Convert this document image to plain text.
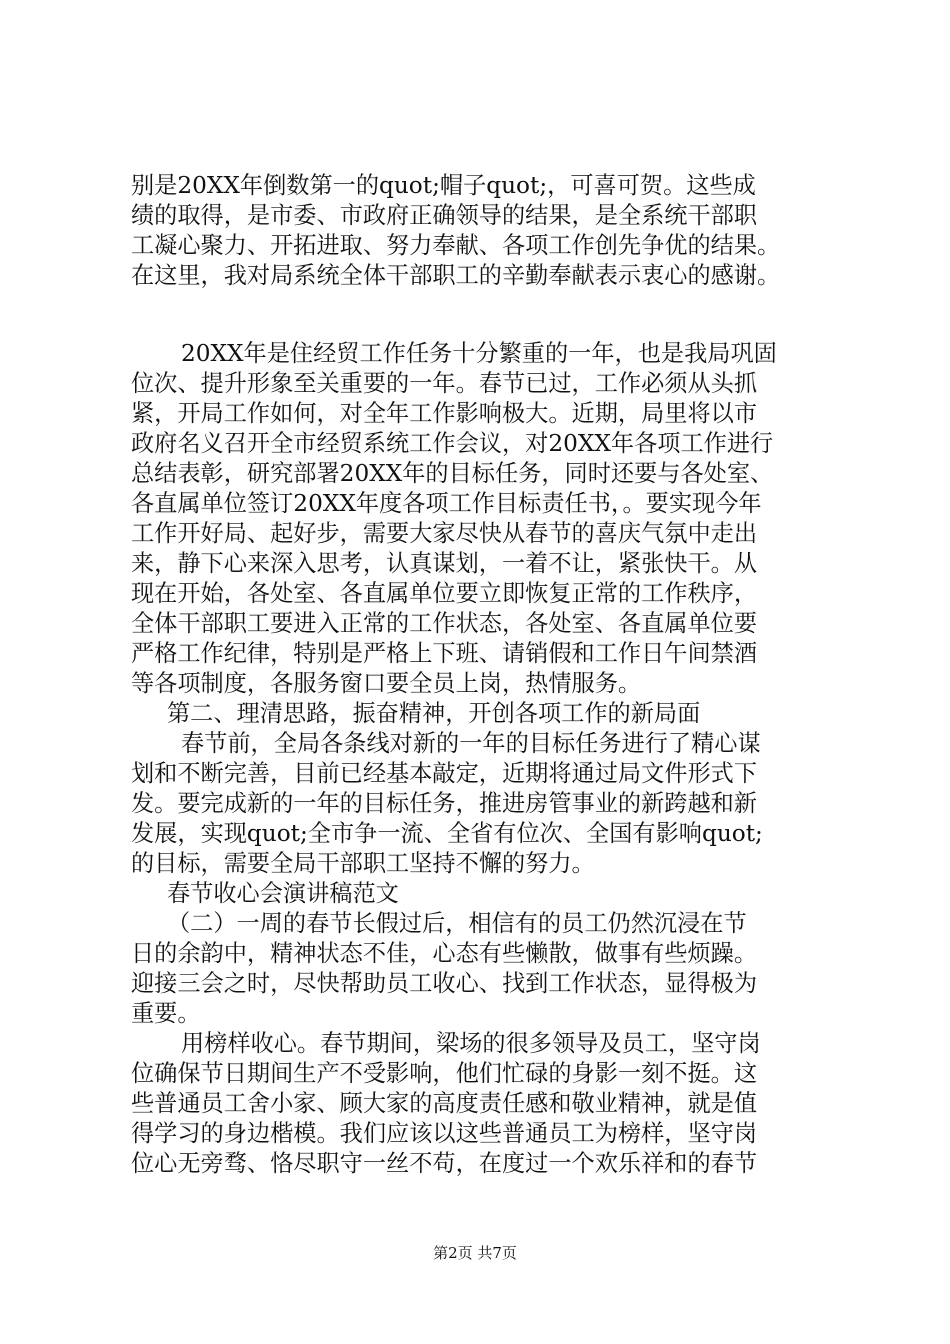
别是20XX年倒数第一的quot;帽子quot;，可喜可贺。这些成
绩的取得，是市委、市政府正确领导的结果，是全系统干部职
工凝心聚力、开拓进取、努力奉献、各项工作创先争优的结果。
在这里，我对局系统全体干部职工的辛勤奉献表示衷心的感谢。
20XX年是住经贸工作任务十分繁重的一年，也是我局巩固
位次、提升形象至关重要的一年。春节已过，工作必须从头抓
紧，开局工作如何，对全年工作影响极大。近期，局里将以市
政府名义召开全市经贸系统工作会议，对20XX年各项工作进行
总结表彰，研究部署20XX年的目标任务，同时还要与各处室、
各直属单位签订20XX年度各项工作目标责任书，。要实现今年
工作开好局、起好步，需要大家尽快从春节的喜庆气氛中走出
来，静下心来深入思考，认真谋划，一着不让，紧张快干。从
现在开始，各处室、各直属单位要立即恢复正常的工作秩序，
全体干部职工要进入正常的工作状态，各处室、各直属单位要
严格工作纪律，特别是严格上下班、请销假和工作日午间禁酒
等各项制度，各服务窗口要全员上岗，热情服务。
第二、理清思路，振奋精神，开创各项工作的新局面
春节前，全局各条线对新的一年的目标任务进行了精心谋
划和不断完善，目前已经基本敲定，近期将通过局文件形式下
发。要完成新的一年的目标任务，推进房管事业的新跨越和新
发展，实现quot;全市争一流、全省有位次、全国有影响quot;
的目标，需要全局干部职工坚持不懈的努力。
春节收心会演讲稿范文
（二）一周的春节长假过后，相信有的员工仍然沉浸在节
日的余韵中，精神状态不佳，心态有些懒散，做事有些烦躁。
迎接三会之时，尽快帮助员工收心、找到工作状态，显得极为
重要。
用榜样收心。春节期间，梁场的很多领导及员工，坚守岗
位确保节日期间生产不受影响，他们忙碌的身影一刻不挺。这
些普通员工舍小家、顾大家的高度责任感和敬业精神，就是值
得学习的身边楷模。我们应该以这些普通员工为榜样，坚守岗
位心无旁骛、恪尽职守一丝不苟，在度过一个欢乐祥和的春节
第2页 共7页
